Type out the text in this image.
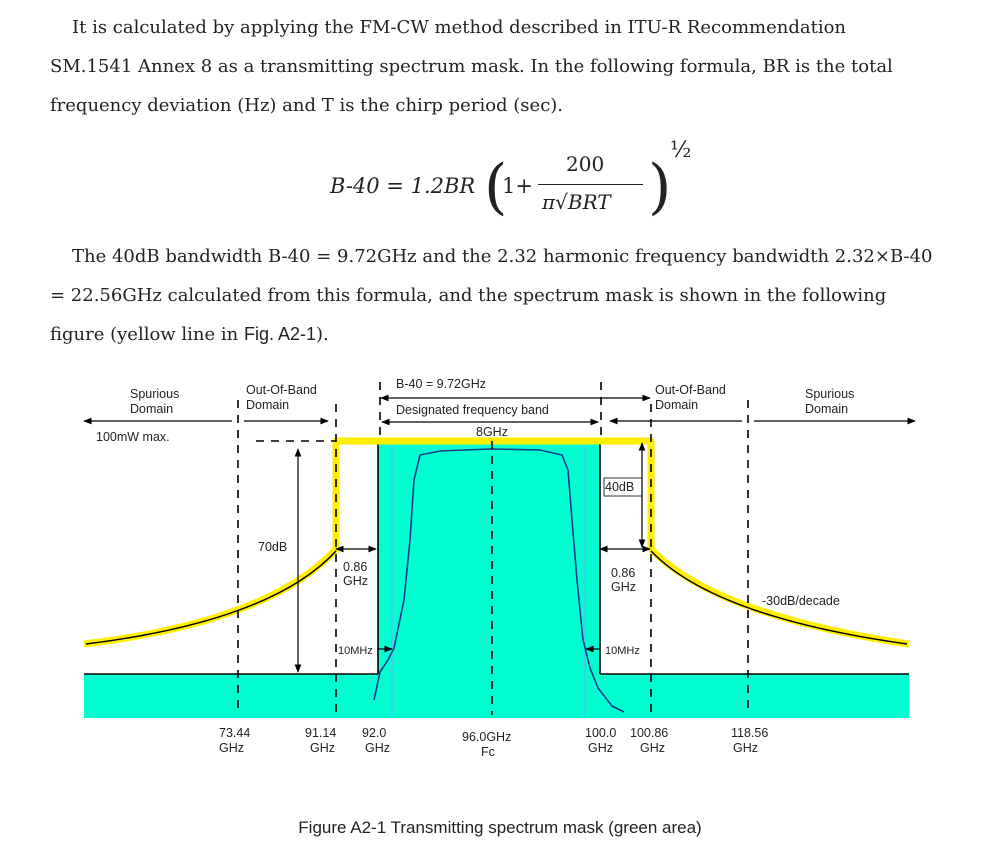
It is calculated by applying the FM-CW method described in ITU-R Recommendation
SM.1541 Annex 8 as a transmitting spectrum mask. In the following formula, BR is the total
frequency deviation (Hz) and T is the chirp period (sec).
B-40 = 1.2BR (
1+
200
π√BRT )
½
The 40dB bandwidth B-40 = 9.72GHz and the 2.32 harmonic frequency bandwidth 2.32×B-40
= 22.56GHz calculated from this formula, and the spectrum mask is shown in the following
figure (yellow line in Fig. A2-1).
Spurious Domain
Out-Of-Band Domain
B-40 = 9.72GHz
Designated frequency band
8GHz
Out-Of-Band Domain
Spurious Domain
100mW max.
70dB
40dB
0.86 GHz
0.86 GHz
-30dB/decade
10MHz	10MHz
73.44
GHz
91.14
GHz
92.0
GHz
96.0GHz
Fc
100.0
GHz
100.86
GHz
118.56
GHz
Figure A2-1 Transmitting spectrum mask (green area)
